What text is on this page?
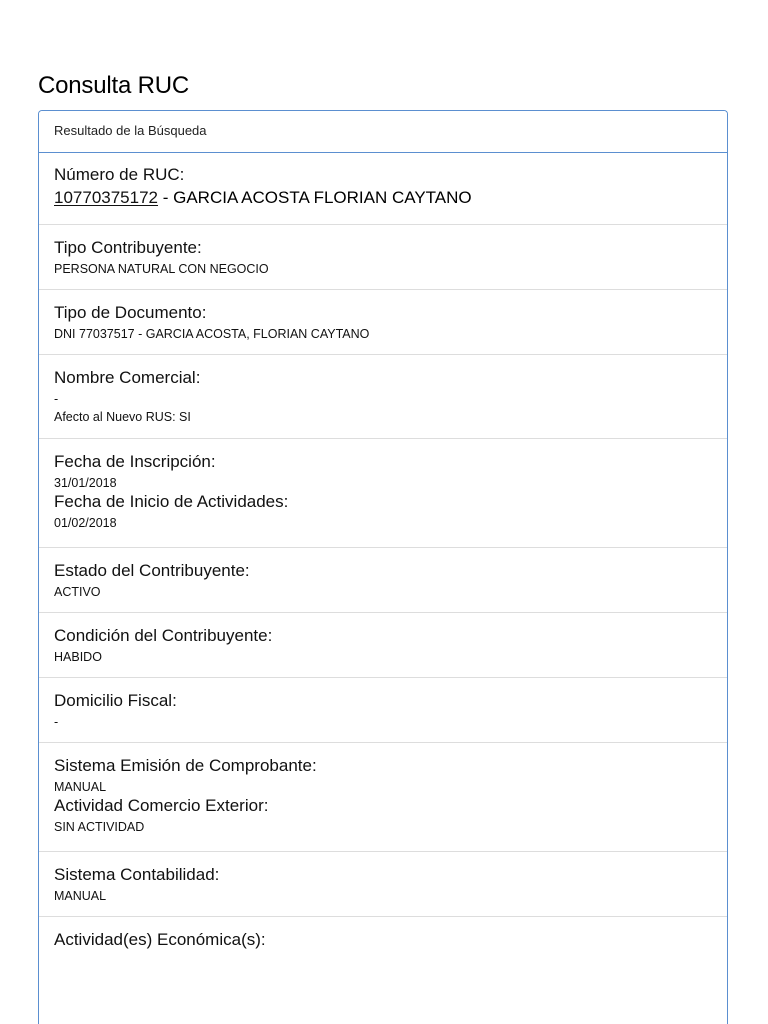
Consulta RUC
Resultado de la Búsqueda
Número de RUC:
10770375172 - GARCIA ACOSTA FLORIAN CAYTANO
Tipo Contribuyente:
PERSONA NATURAL CON NEGOCIO
Tipo de Documento:
DNI 77037517 - GARCIA ACOSTA, FLORIAN CAYTANO
Nombre Comercial:
-
Afecto al Nuevo RUS: SI
Fecha de Inscripción:
31/01/2018
Fecha de Inicio de Actividades:
01/02/2018
Estado del Contribuyente:
ACTIVO
Condición del Contribuyente:
HABIDO
Domicilio Fiscal:
-
Sistema Emisión de Comprobante:
MANUAL
Actividad Comercio Exterior:
SIN ACTIVIDAD
Sistema Contabilidad:
MANUAL
Actividad(es) Económica(s):
